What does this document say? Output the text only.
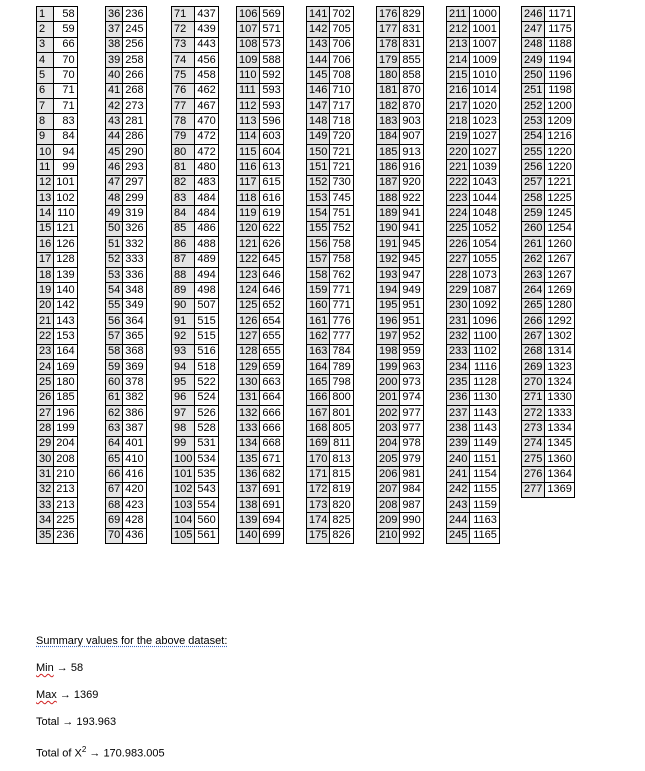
1	58
2	59
3	66
4	70
5	70
6	71
7	71
8	83
9	84
10	94
11	99
12	101
13	102
14	110
15	121
16	126
17	128
18	139
19	140
20	142
21	143
22	153
23	164
24	169
25	180
26	185
27	196
28	199
29	204
30	208
31	210
32	213
33	213
34	225
35	236
36	236
37	245
38	256
39	258
40	266
41	268
42	273
43	281
44	286
45	290
46	293
47	297
48	299
49	319
50	326
51	332
52	333
53	336
54	348
55	349
56	364
57	365
58	368
59	369
60	378
61	382
62	386
63	387
64	401
65	410
66	416
67	420
68	423
69	428
70	436
71	437
72	439
73	443
74	456
75	458
76	462
77	467
78	470
79	472
80	472
81	480
82	483
83	484
84	484
85	486
86	488
87	489
88	494
89	498
90	507
91	515
92	515
93	516
94	518
95	522
96	524
97	526
98	528
99	531
100	534
101	535
102	543
103	554
104	560
105	561
106	569
107	571
108	573
109	588
110	592
111	593
112	593
113	596
114	603
115	604
116	613
117	615
118	616
119	619
120	622
121	626
122	645
123	646
124	646
125	652
126	654
127	655
128	655
129	659
130	663
131	664
132	666
133	666
134	668
135	671
136	682
137	691
138	691
139	694
140	699
141	702
142	705
143	706
144	706
145	708
146	710
147	717
148	718
149	720
150	721
151	721
152	730
153	745
154	751
155	752
156	758
157	758
158	762
159	771
160	771
161	776
162	777
163	784
164	789
165	798
166	800
167	801
168	805
169	811
170	813
171	815
172	819
173	820
174	825
175	826
176	829
177	831
178	831
179	855
180	858
181	870
182	870
183	903
184	907
185	913
186	916
187	920
188	922
189	941
190	941
191	945
192	945
193	947
194	949
195	951
196	951
197	952
198	959
199	963
200	973
201	974
202	977
203	977
204	978
205	979
206	981
207	984
208	987
209	990
210	992
211	1000
212	1001
213	1007
214	1009
215	1010
216	1014
217	1020
218	1023
219	1027
220	1027
221	1039
222	1043
223	1044
224	1048
225	1052
226	1054
227	1055
228	1073
229	1087
230	1092
231	1096
232	1100
233	1102
234	1116
235	1128
236	1130
237	1143
238	1143
239	1149
240	1151
241	1154
242	1155
243	1159
244	1163
245	1165
246	1171
247	1175
248	1188
249	1194
250	1196
251	1198
252	1200
253	1209
254	1216
255	1220
256	1220
257	1221
258	1225
259	1245
260	1254
261	1260
262	1267
263	1267
264	1269
265	1280
266	1292
267	1302
268	1314
269	1323
270	1324
271	1330
272	1333
273	1334
274	1345
275	1360
276	1364
277	1369

Summary values for the above dataset:

Min → 58

Max → 1369

Total → 193.963

Total of $X^2 \to 170.983.005$
